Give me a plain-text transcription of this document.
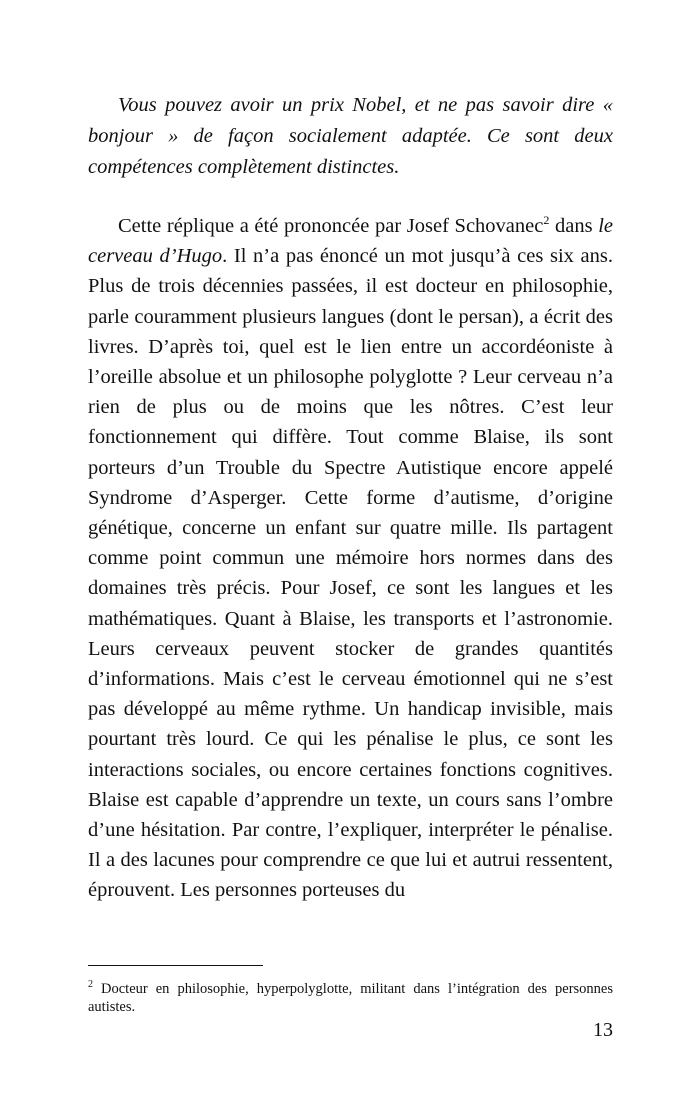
Vous pouvez avoir un prix Nobel, et ne pas savoir dire « bonjour » de façon socialement adaptée. Ce sont deux compétences complètement distinctes.

Cette réplique a été prononcée par Josef Schovanec$^2$ dans le cerveau d’Hugo. Il n’a pas énoncé un mot jusqu’à ces six ans. Plus de trois décennies passées, il est docteur en philosophie, parle couramment plusieurs langues (dont le persan), a écrit des livres. D’après toi, quel est le lien entre un accordéoniste à l’oreille absolue et un philosophe polyglotte ? Leur cerveau n’a rien de plus ou de moins que les nôtres. C’est leur fonctionnement qui diffère. Tout comme Blaise, ils sont porteurs d’un Trouble du Spectre Autistique encore appelé Syndrome d’Asperger. Cette forme d’autisme, d’origine génétique, concerne un enfant sur quatre mille. Ils partagent comme point commun une mémoire hors normes dans des domaines très précis. Pour Josef, ce sont les langues et les mathématiques. Quant à Blaise, les transports et l’astronomie. Leurs cerveaux peuvent stocker de grandes quantités d’informations. Mais c’est le cerveau émotionnel qui ne s’est pas développé au même rythme. Un handicap invisible, mais pourtant très lourd. Ce qui les pénalise le plus, ce sont les interactions sociales, ou encore certaines fonctions cognitives. Blaise est capable d’apprendre un texte, un cours sans l’ombre d’une hésitation. Par contre, l’expliquer, interpréter le pénalise. Il a des lacunes pour comprendre ce que lui et autrui ressentent, éprouvent. Les personnes porteuses du

$^2$ Docteur en philosophie, hyperpolyglotte, militant dans l’intégration des personnes autistes.

13
